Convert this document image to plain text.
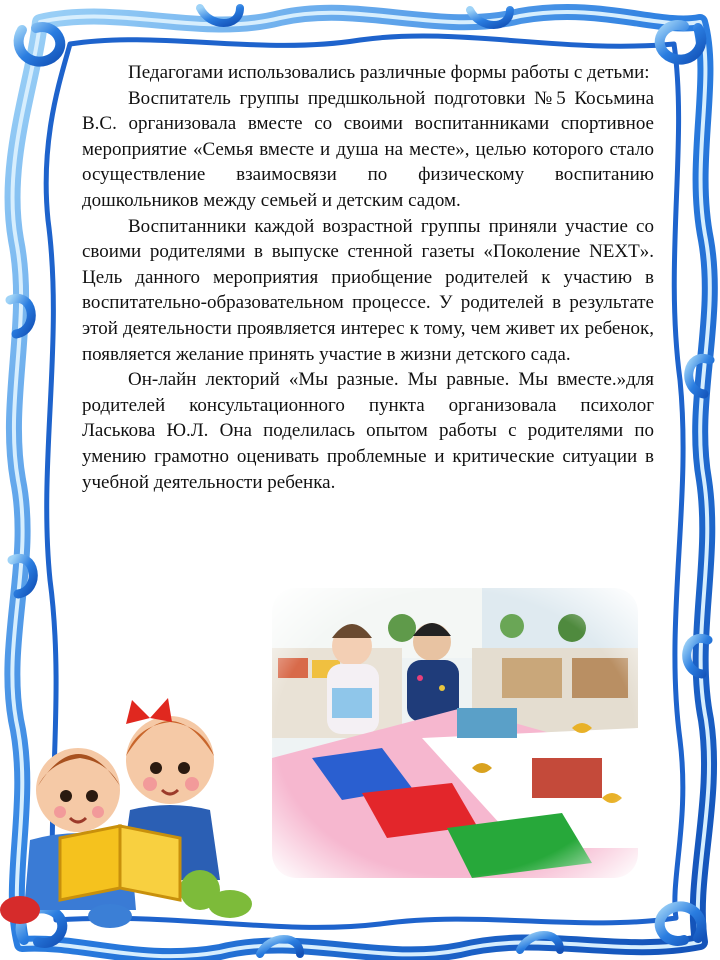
Педагогами использовались различные формы работы с детьми:

Воспитатель группы предшкольной подготовки №5 Косьмина В.С. организовала вместе со своими воспитанниками спортивное мероприятие «Семья вместе и душа на месте», целью которого стало осуществление взаимосвязи по физическому воспитанию дошкольников между семьей и детским садом.

Воспитанники каждой возрастной группы приняли участие со своими родителями в выпуске стенной газеты «Поколение NEXT». Цель данного мероприятия приобщение родителей к участию в воспитательно-образовательном процессе. У родителей в результате этой деятельности проявляется интерес к тому, чем живет их ребенок, появляется желание принять участие в жизни детского сада.

Он-лайн лекторий «Мы разные. Мы равные. Мы вместе.»для родителей консультационного пункта организовала психолог Ласькова Ю.Л. Она поделилась опытом работы с родителями по умению грамотно оценивать проблемные и критические ситуации в учебной деятельности ребенка.
